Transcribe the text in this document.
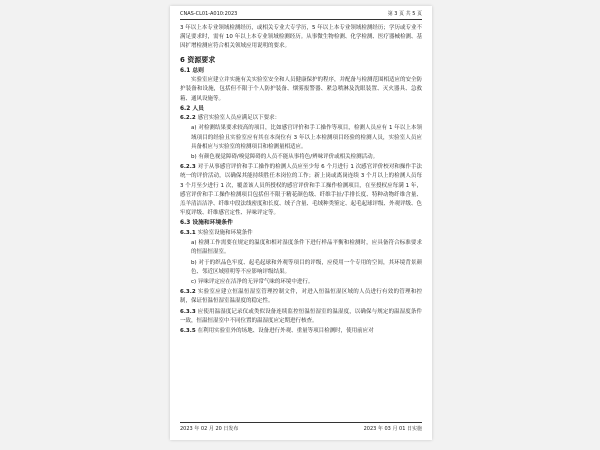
CNAS-CL01-A010:2023	第 3 页 共 5 页
3 年以上本专业领域检测经历，或相关专业大专学历，5 年以上本专业领域检测经历；学历或专业不满足要求时，需有 10 年以上本专业领域检测经历。从事微生物检测、化学检测、医疗器械检测、基因扩增检测应符合相关领域应用说明的要求。
6 资源要求
6.1 总则
实验室应建立并实施有关实验室安全和人员健康保护的程序，并配备与检测范围相适应的安全防护装备和设施，包括但不限于个人防护装备、烟雾报警器、紧急喷淋及洗眼装置、灭火器具、急救箱、通风设施等。
6.2 人员
6.2.2 感官实验室人员应满足以下要求：
a) 对检测结果要求较高的项目，比如感官评价和手工操作等项目，检测人员应有 1 年以上本领域项目的经验且实验室应有其在本岗位有 3 年以上本检测项目经验的检测人员，实验室人员应具备相应与实验室的检测项目和检测量相适应。
b) 有颜色视觉障碍/嗅觉障碍的人员不能从事将色/辨味评价或相关检测活动。
6.2.3 对于从事感官评价和手工操作的检测人员应至少每 6 个月进行 1 次感官评价校对和操作手法统一的评价活动，以确保其能持续胜任本岗位的工作；新上岗或离岗连续 3 个月以上的检测人员每 3 个月至少进行 1 次，覆盖该人员所授权的感官评价和手工操作检测项目，在至授权应每满 1 年，感官评价和手工操作检测项目包括但不限于精花颜色级、纤维手扯/手排长度、特种动物纤维含量、羔羊清洁洁净、纤维中段法线密度和长度、绒子含量、毛绒种类鉴定、起毛起球评级、外观评级、色牢度评级、纤维感官定性、异味评定等。
6.3 设施和环境条件
6.3.1 实验室设施和环境条件
a) 检测工作需要在规定的温度和相对湿度条件下进行样品平衡和检测时，应具备符合标准要求的恒温恒湿室。
b) 对于的织品色牢度、起毛起球和外观等项目的评级，应使用一个专用的空间，其环境背景颜色、邻近区域照明等不应影响评级结果。
c) 异味评定应在洁净的无异常气味的环境中进行。
6.3.2 实验室应建立恒温恒湿室管理控制文件，对进入恒温恒湿区域的人员进行有效的管理和控制，保证恒温恒湿室温湿度的稳定性。
6.3.3 应使用温湿度记录仪或类似设备连续监控恒温恒湿室的温湿度，以确保与规定的温湿度条件一致，恒温恒湿室中不同位置的温湿度应定期进行核查。
6.3.5 在利用实验室外的场地、设备进行外观、重量等项目检测时，使用前应对
2023 年 02 月 20 日发布	2023 年 03 月 01 日实施
